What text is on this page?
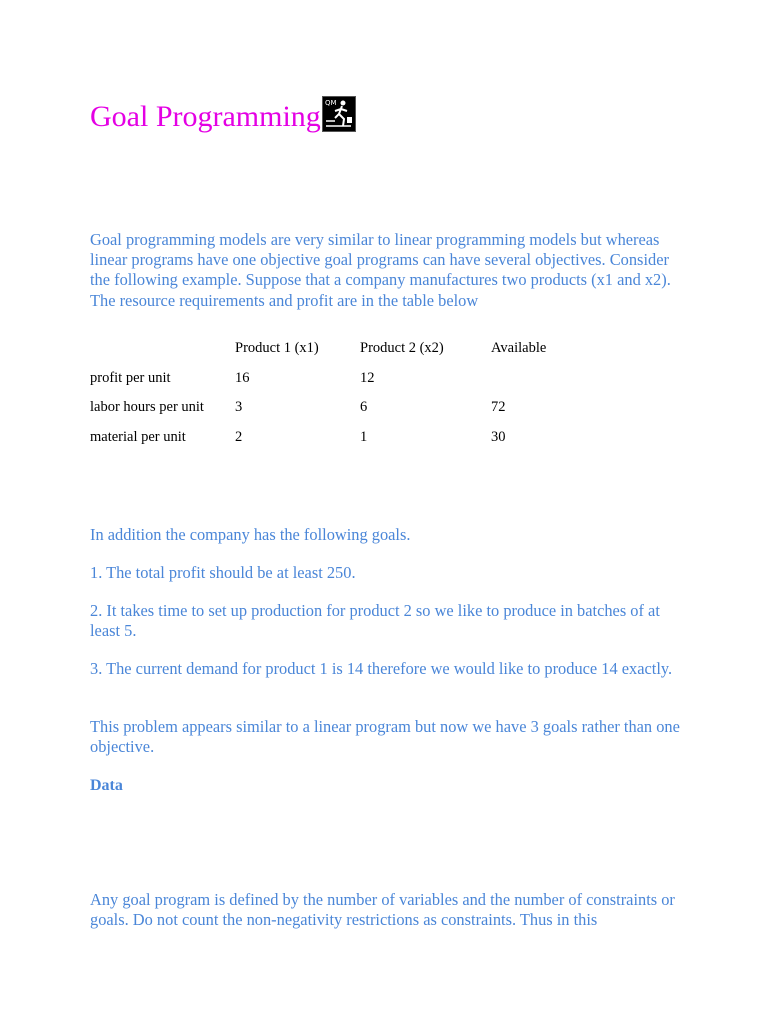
Goal Programming QM

Goal programming models are very similar to linear programming models but whereas linear programs have one objective goal programs can have several objectives. Consider the following example. Suppose that a company manufactures two products (x1 and x2). The resource requirements and profit are in the table below

	Product 1 (x1)	Product 2 (x2)	Available
profit per unit	16	12	
labor hours per unit	3	6	72
material per unit	2	1	30

In addition the company has the following goals.

1. The total profit should be at least 250.

2. It takes time to set up production for product 2 so we like to produce in batches of at least 5.

3. The current demand for product 1 is 14 therefore we would like to produce 14 exactly.

This problem appears similar to a linear program but now we have 3 goals rather than one objective.

Data

Any goal program is defined by the number of variables and the number of constraints or goals. Do not count the non-negativity restrictions as constraints. Thus in this
